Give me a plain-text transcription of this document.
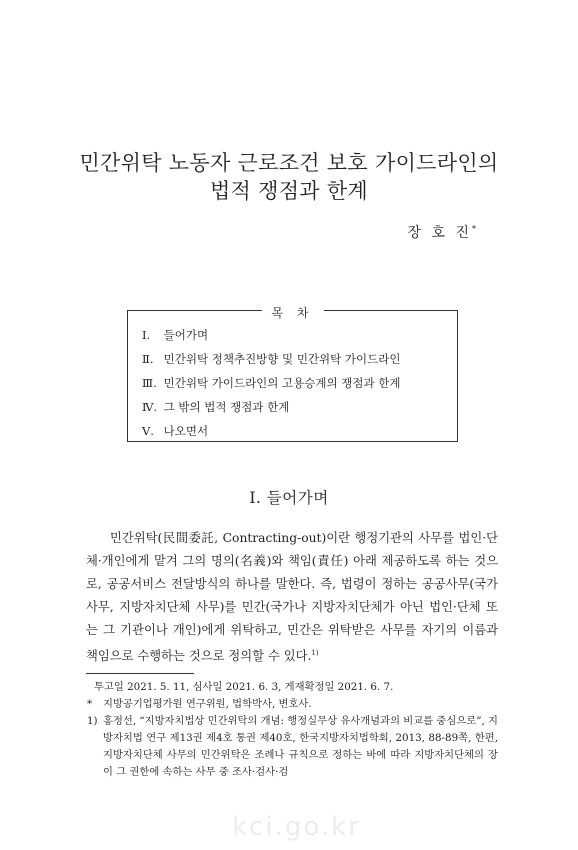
민간위탁 노동자 근로조건 보호 가이드라인의
법적 쟁점과 한계
장 호 진*
목 차
Ⅰ. 들어가며
Ⅱ. 민간위탁 정책추진방향 및 민간위탁 가이드라인
Ⅲ. 민간위탁 가이드라인의 고용승계의 쟁점과 한계
Ⅳ. 그 밖의 법적 쟁점과 한계
Ⅴ. 나오면서
Ⅰ. 들어가며

민간위탁(民間委託, Contracting-out)이란 행정기관의 사무를 법인·단체·개인에게 맡겨 그의 명의(名義)와 책임(責任) 아래 제공하도록 하는 것으로, 공공서비스 전달방식의 하나를 말한다. 즉, 법령이 정하는 공공사무(국가사무, 지방자치단체 사무)를 민간(국가나 지방자치단체가 아닌 법인·단체 또는 그 기관이나 개인)에게 위탁하고, 민간은 위탁받은 사무를 자기의 이름과 책임으로 수행하는 것으로 정의할 수 있다.$^{1)}$

투고일 2021. 5. 11, 심사일 2021. 6. 3, 게재확정일 2021. 6. 7.
* 지방공기업평가원 연구위원, 법학박사, 변호사.
1) 홍정선, “지방자치법상 민간위탁의 개념: 행정실무상 유사개념과의 비교를 중심으로”, 지방자치법 연구 제13권 제4호 통권 제40호, 한국지방자치법학회, 2013, 88-89쪽, 한편, 지방자치단체 사무의 민간위탁은 조례나 규칙으로 정하는 바에 따라 지방자치단체의 장이 그 권한에 속하는 사무 중 조사·검사·검
kci.go.kr
